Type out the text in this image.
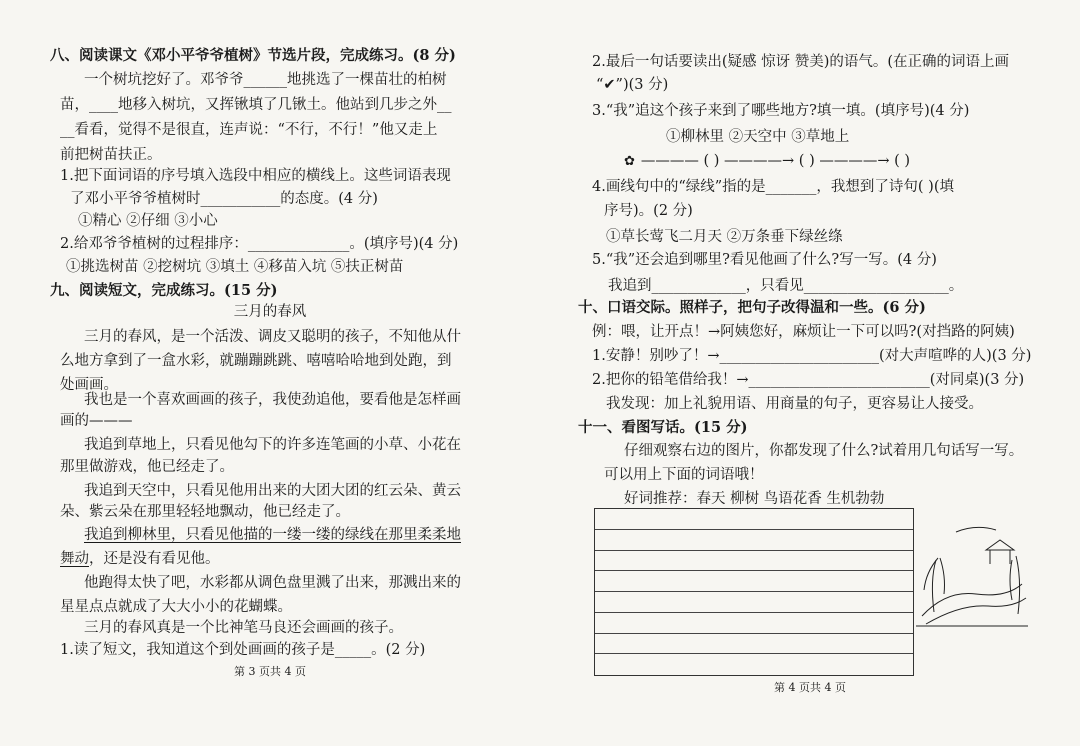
八、阅读课文《邓小平爷爷植树》节选片段，完成练习。(8 分)
一个树坑挖好了。邓爷爷______地挑选了一棵苗壮的柏树
苗，____地移入树坑，又挥锹填了几锹土。他站到几步之外__
__看看，觉得不是很直，连声说：“不行，不行！”他又走上
前把树苗扶正。
1.把下面词语的序号填入选段中相应的横线上。这些词语表现
了邓小平爷爷植树时___________的态度。(4 分)
①精心 ②仔细 ③小心
2.给邓爷爷植树的过程排序：______________。(填序号)(4 分)
①挑选树苗 ②挖树坑 ③填土 ④移苗入坑 ⑤扶正树苗
九、阅读短文，完成练习。(15 分)
三月的春风
三月的春风，是一个活泼、调皮又聪明的孩子，不知他从什
么地方拿到了一盒水彩，就蹦蹦跳跳、嘻嘻哈哈地到处跑，到
处画画。
我也是一个喜欢画画的孩子，我使劲追他，要看他是怎样画
画的———
我追到草地上，只看见他勾下的许多连笔画的小草、小花在
那里做游戏，他已经走了。
我追到天空中，只看见他用出来的大团大团的红云朵、黄云
朵、紫云朵在那里轻轻地飘动，他已经走了。
我追到柳林里，只看见他描的一缕一缕的绿线在那里柔柔地
舞动，还是没有看见他。
他跑得太快了吧，水彩都从调色盘里溅了出来，那溅出来的
星星点点就成了大大小小的花蝴蝶。
三月的春风真是一个比神笔马良还会画画的孩子。
1.读了短文，我知道这个到处画画的孩子是_____。(2 分)
第 3 页共 4 页
2.最后一句话要读出(疑感 惊讶 赞美)的语气。(在正确的词语上画
“✔”)(3 分)
3.“我”追这个孩子来到了哪些地方?填一填。(填序号)(4 分)
①柳林里 ②天空中 ③草地上
✿ ———— ( ) ————→ ( ) ————→ ( )
4.画线句中的“绿线”指的是_______，我想到了诗句( )(填
序号)。(2 分)
①草长莺飞二月天 ②万条垂下绿丝绦
5.“我”还会追到哪里?看见他画了什么?写一写。(4 分)
我追到_____________，只看见____________________。
十、口语交际。照样子，把句子改得温和一些。(6 分)
例：喂，让开点！→阿姨您好，麻烦让一下可以吗?(对挡路的阿姨)
1.安静！别吵了！→______________________(对大声喧哗的人)(3 分)
2.把你的铅笔借给我！→_________________________(对同桌)(3 分)
我发现：加上礼貌用语、用商量的句子，更容易让人接受。
十一、看图写话。(15 分)
仔细观察右边的图片，你都发现了什么?试着用几句话写一写。
可以用上下面的词语哦！
好词推荐：春天 柳树 鸟语花香 生机勃勃
第 4 页共 4 页
